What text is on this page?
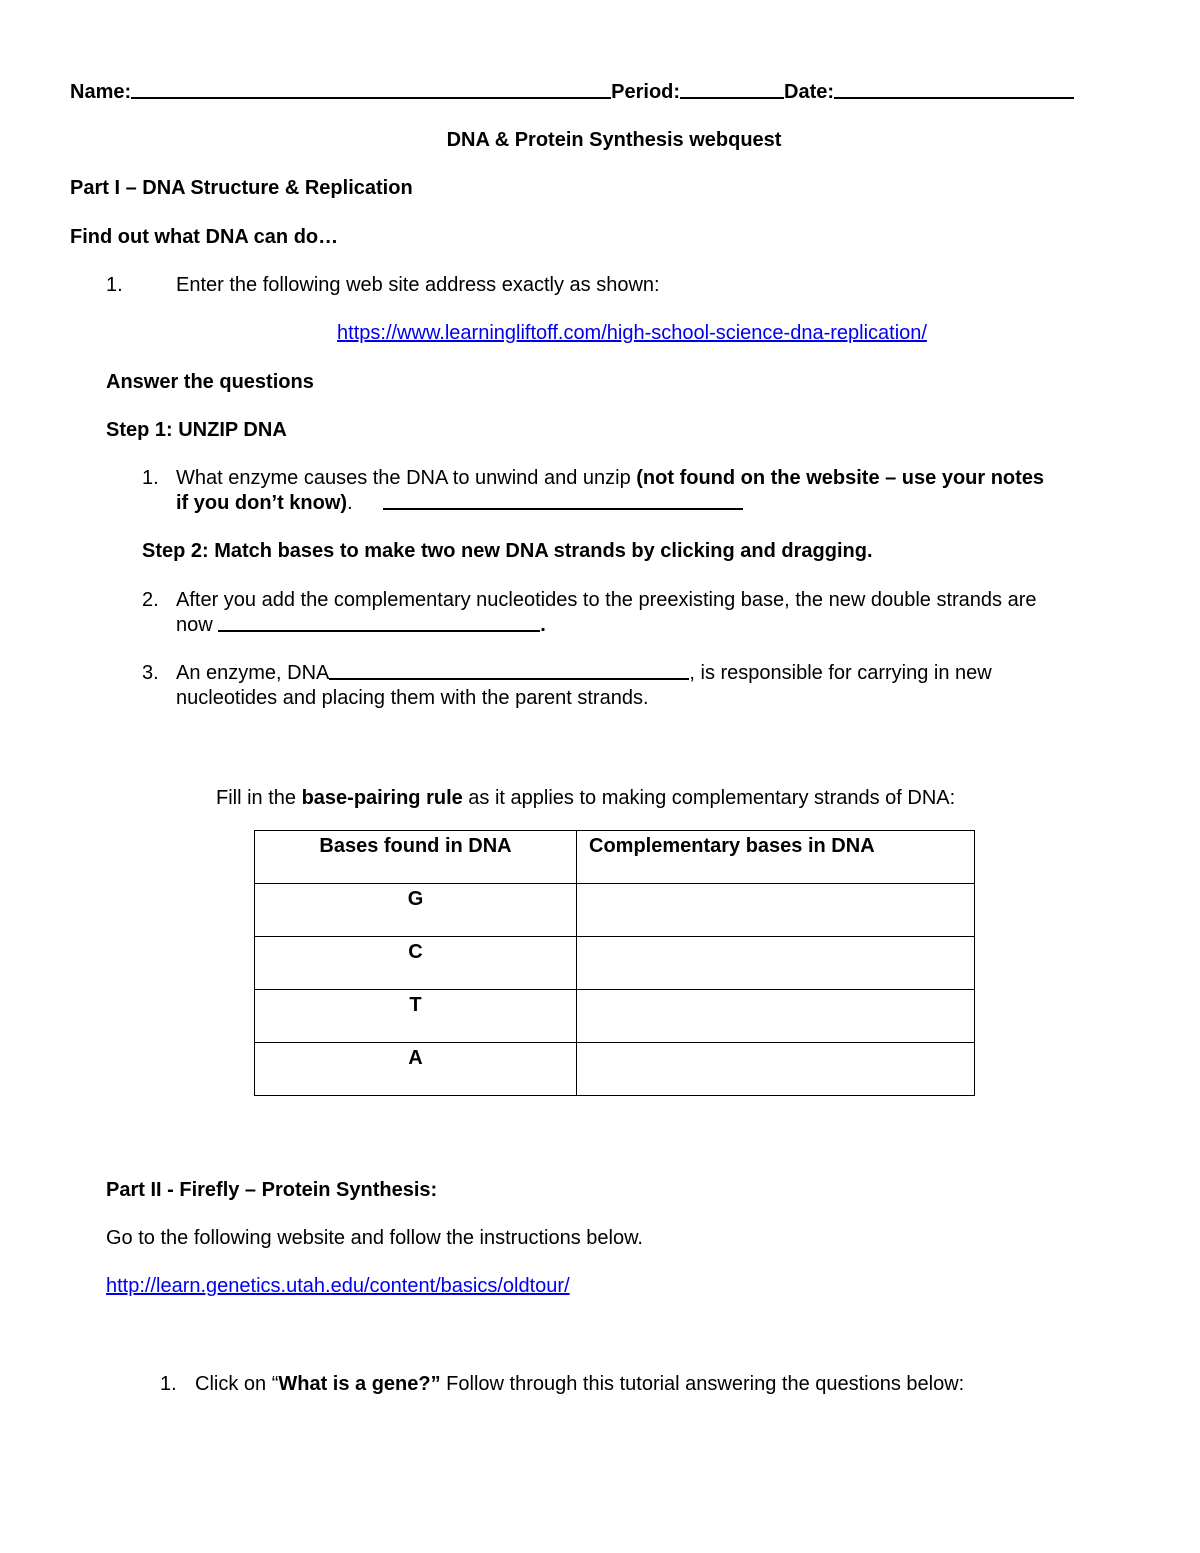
Name:	Period:	Date:
DNA & Protein Synthesis webquest
Part I – DNA Structure & Replication
Find out what DNA can do…
1.	Enter the following web site address exactly as shown:
https://www.learningliftoff.com/high-school-science-dna-replication/
Answer the questions
Step 1: UNZIP DNA
1. What enzyme causes the DNA to unwind and unzip (not found on the website – use your notes
if you don’t know).
Step 2: Match bases to make two new DNA strands by clicking and dragging.
2. After you add the complementary nucleotides to the preexisting base, the new double strands are
now	.
3. An enzyme, DNA	, is responsible for carrying in new
nucleotides and placing them with the parent strands.
Fill in the base-pairing rule as it applies to making complementary strands of DNA:
Bases found in DNA	Complementary bases in DNA
G	
C	
T	
A	
Part II - Firefly – Protein Synthesis:
Go to the following website and follow the instructions below.
http://learn.genetics.utah.edu/content/basics/oldtour/
1. Click on “What is a gene?” Follow through this tutorial answering the questions below:
